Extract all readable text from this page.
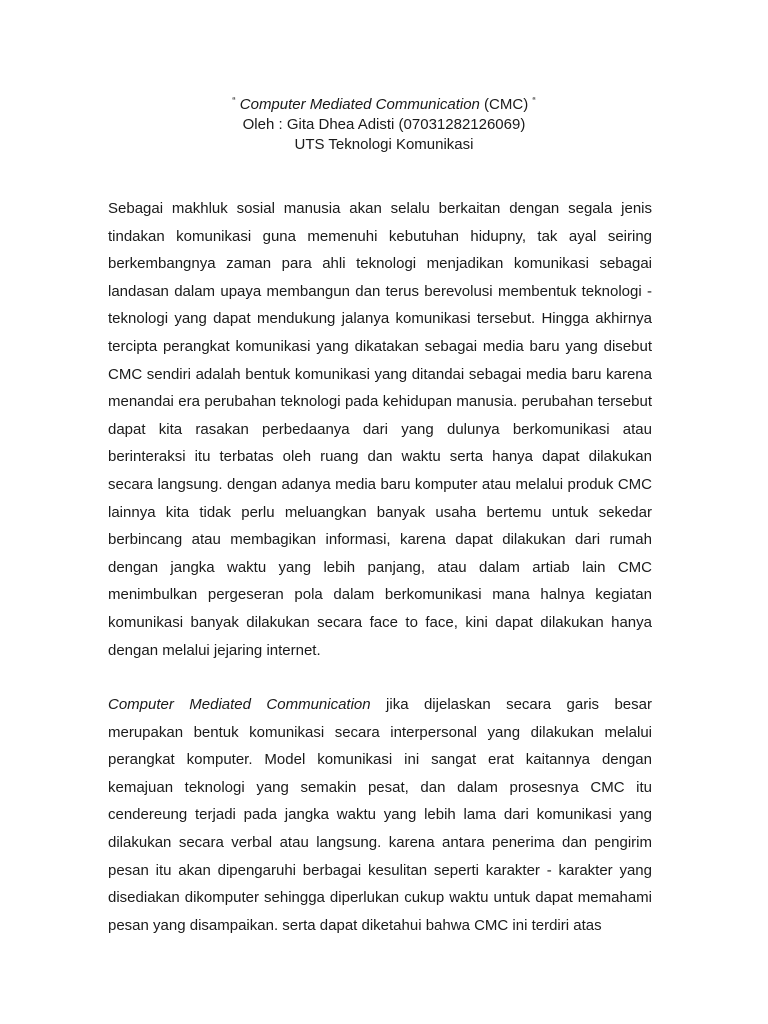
“ Computer Mediated Communication (CMC) “
Oleh : Gita Dhea Adisti (07031282126069)
UTS Teknologi Komunikasi

Sebagai makhluk sosial manusia akan selalu berkaitan dengan segala jenis tindakan komunikasi guna memenuhi kebutuhan hidupny, tak ayal seiring berkembangnya zaman para ahli teknologi menjadikan komunikasi sebagai landasan dalam upaya membangun dan terus berevolusi membentuk teknologi - teknologi yang dapat mendukung jalanya komunikasi tersebut. Hingga akhirnya tercipta perangkat komunikasi yang dikatakan sebagai media baru yang disebut CMC sendiri adalah bentuk komunikasi yang ditandai sebagai media baru karena menandai era perubahan teknologi pada kehidupan manusia. perubahan tersebut dapat kita rasakan perbedaanya dari yang dulunya berkomunikasi atau berinteraksi itu terbatas oleh ruang dan waktu serta hanya dapat dilakukan secara langsung. dengan adanya media baru komputer atau melalui produk CMC lainnya kita tidak perlu meluangkan banyak usaha bertemu untuk sekedar berbincang atau membagikan informasi, karena dapat dilakukan dari rumah dengan jangka waktu yang lebih panjang, atau dalam artiab lain CMC menimbulkan pergeseran pola dalam berkomunikasi mana halnya kegiatan komunikasi banyak dilakukan secara face to face, kini dapat dilakukan hanya dengan melalui jejaring internet.

Computer Mediated Communication jika dijelaskan secara garis besar merupakan bentuk komunikasi secara interpersonal yang dilakukan melalui perangkat komputer. Model komunikasi ini sangat erat kaitannya dengan kemajuan teknologi yang semakin pesat, dan dalam prosesnya CMC itu cendereung terjadi pada jangka waktu yang lebih lama dari komunikasi yang dilakukan secara verbal atau langsung. karena antara penerima dan pengirim pesan itu akan dipengaruhi berbagai kesulitan seperti karakter - karakter yang disediakan dikomputer sehingga diperlukan cukup waktu untuk dapat memahami pesan yang disampaikan. serta dapat diketahui bahwa CMC ini terdiri atas
